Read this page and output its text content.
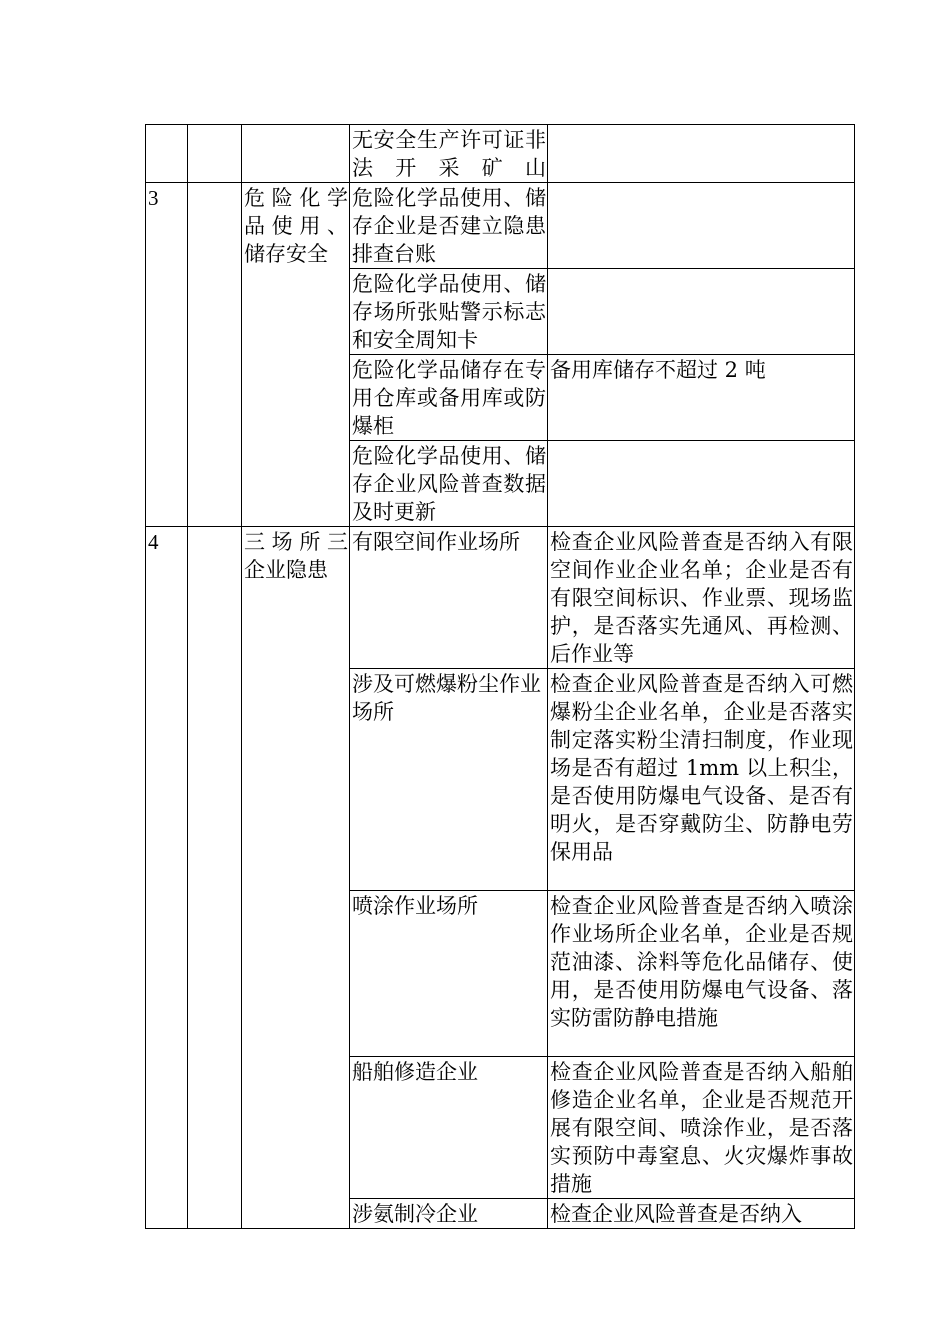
			无安全生产许可证非法开采矿山	
3		危险化学品使用、储存安全	危险化学品使用、储存企业是否建立隐患排查台账	
			危险化学品使用、储存场所张贴警示标志和安全周知卡	
			危险化学品储存在专用仓库或备用库或防爆柜	备用库储存不超过 2 吨
			危险化学品使用、储存企业风险普查数据及时更新	
4		三场所三企业隐患	有限空间作业场所	检查企业风险普查是否纳入有限空间作业企业名单；企业是否有有限空间标识、作业票、现场监护，是否落实先通风、再检测、后作业等
			涉及可燃爆粉尘作业场所	检查企业风险普查是否纳入可燃爆粉尘企业名单，企业是否落实制定落实粉尘清扫制度，作业现场是否有超过 1mm 以上积尘，是否使用防爆电气设备、是否有明火，是否穿戴防尘、防静电劳保用品
			喷涂作业场所	检查企业风险普查是否纳入喷涂作业场所企业名单，企业是否规范油漆、涂料等危化品储存、使用，是否使用防爆电气设备、落实防雷防静电措施
			船舶修造企业	检查企业风险普查是否纳入船舶修造企业名单，企业是否规范开展有限空间、喷涂作业，是否落实预防中毒窒息、火灾爆炸事故措施
			涉氨制冷企业	检查企业风险普查是否纳入
